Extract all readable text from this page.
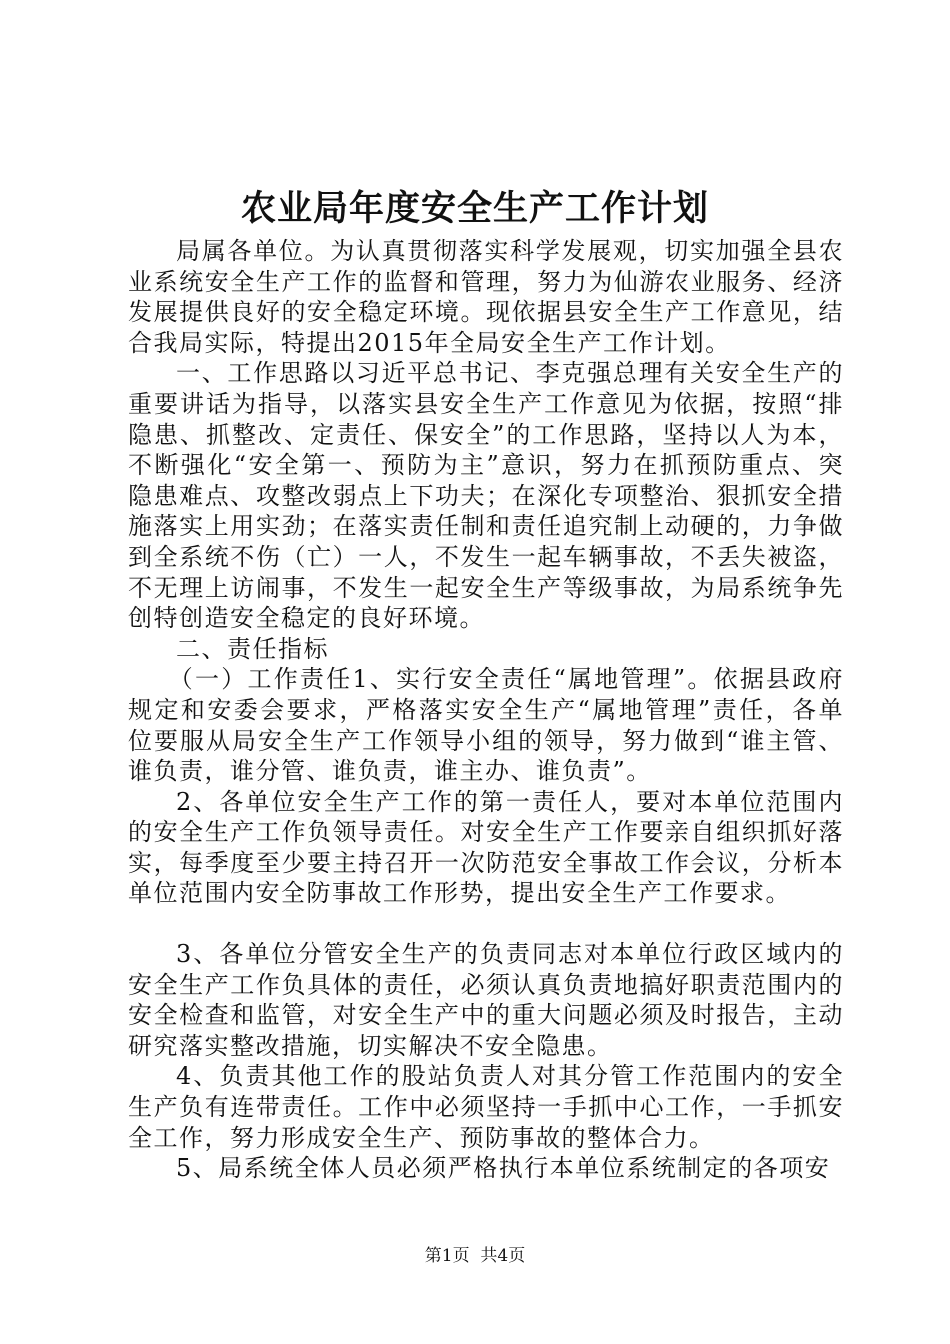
农业局年度安全生产工作计划

局属各单位。为认真贯彻落实科学发展观，切实加强全县农业系统安全生产工作的监督和管理，努力为仙游农业服务、经济发展提供良好的安全稳定环境。现依据县安全生产工作意见，结合我局实际，特提出2015年全局安全生产工作计划。

一、工作思路以习近平总书记、李克强总理有关安全生产的重要讲话为指导，以落实县安全生产工作意见为依据，按照“排隐患、抓整改、定责任、保安全”的工作思路，坚持以人为本，不断强化“安全第一、预防为主”意识，努力在抓预防重点、突隐患难点、攻整改弱点上下功夫；在深化专项整治、狠抓安全措施落实上用实劲；在落实责任制和责任追究制上动硬的，力争做到全系统不伤（亡）一人，不发生一起车辆事故，不丢失被盗，不无理上访闹事，不发生一起安全生产等级事故，为局系统争先创特创造安全稳定的良好环境。

二、责任指标

（一）工作责任1、实行安全责任“属地管理”。依据县政府规定和安委会要求，严格落实安全生产“属地管理”责任，各单位要服从局安全生产工作领导小组的领导，努力做到“谁主管、谁负责，谁分管、谁负责，谁主办、谁负责”。

2、各单位安全生产工作的第一责任人，要对本单位范围内的安全生产工作负领导责任。对安全生产工作要亲自组织抓好落实，每季度至少要主持召开一次防范安全事故工作会议，分析本单位范围内安全防事故工作形势，提出安全生产工作要求。

3、各单位分管安全生产的负责同志对本单位行政区域内的安全生产工作负具体的责任，必须认真负责地搞好职责范围内的安全检查和监管，对安全生产中的重大问题必须及时报告，主动研究落实整改措施，切实解决不安全隐患。

4、负责其他工作的股站负责人对其分管工作范围内的安全生产负有连带责任。工作中必须坚持一手抓中心工作，一手抓安全工作，努力形成安全生产、预防事故的整体合力。

5、局系统全体人员必须严格执行本单位系统制定的各项安

第1页  共4页
